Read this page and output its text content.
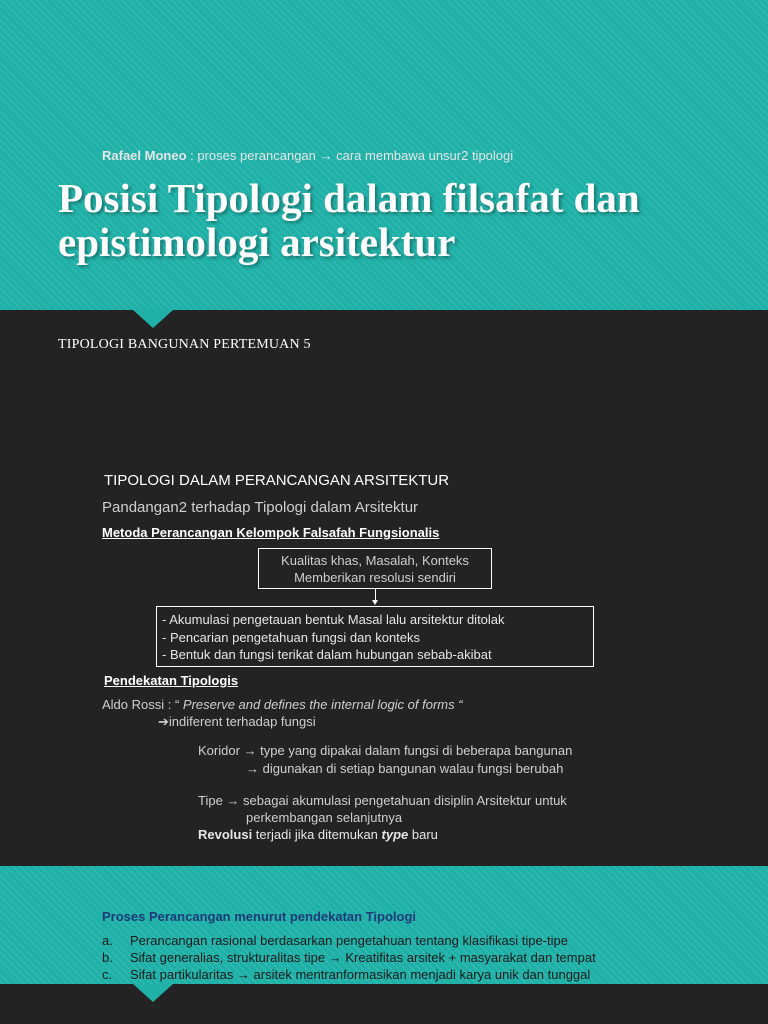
Posisi Tipologi dalam filsafat dan
epistimologi arsitektur
TIPOLOGI BANGUNAN PERTEMUAN 5
TIPOLOGI DALAM PERANCANGAN ARSITEKTUR
Pandangan2 terhadap Tipologi dalam Arsitektur
Metoda Perancangan Kelompok Falsafah Fungsionalis
Kualitas khas, Masalah, Konteks
Memberikan resolusi sendiri
- Akumulasi pengetauan bentuk Masal lalu arsitektur ditolak
- Pencarian pengetahuan fungsi dan konteks
- Bentuk dan fungsi terikat dalam hubungan sebab-akibat
Pendekatan Tipologis
Aldo Rossi : “ Preserve and defines the internal logic of forms “
➔indiferent terhadap fungsi
Koridor → type yang dipakai dalam fungsi di beberapa bangunan
→ digunakan di setiap bangunan walau fungsi berubah
Tipe → sebagai akumulasi pengetahuan disiplin Arsitektur untuk
perkembangan selanjutnya
Revolusi terjadi jika ditemukan type baru
Proses Perancangan menurut pendekatan Tipologi
a. Perancangan rasional berdasarkan pengetahuan tentang klasifikasi tipe-tipe
b. Sifat generalias, strukturalitas tipe → Kreatifitas arsitek + masyarakat dan tempat
c. Sifat partikularitas → arsitek mentranformasikan menjadi karya unik dan tunggal
Rafael Moneo : proses perancangan → cara membawa unsur2 tipologi
